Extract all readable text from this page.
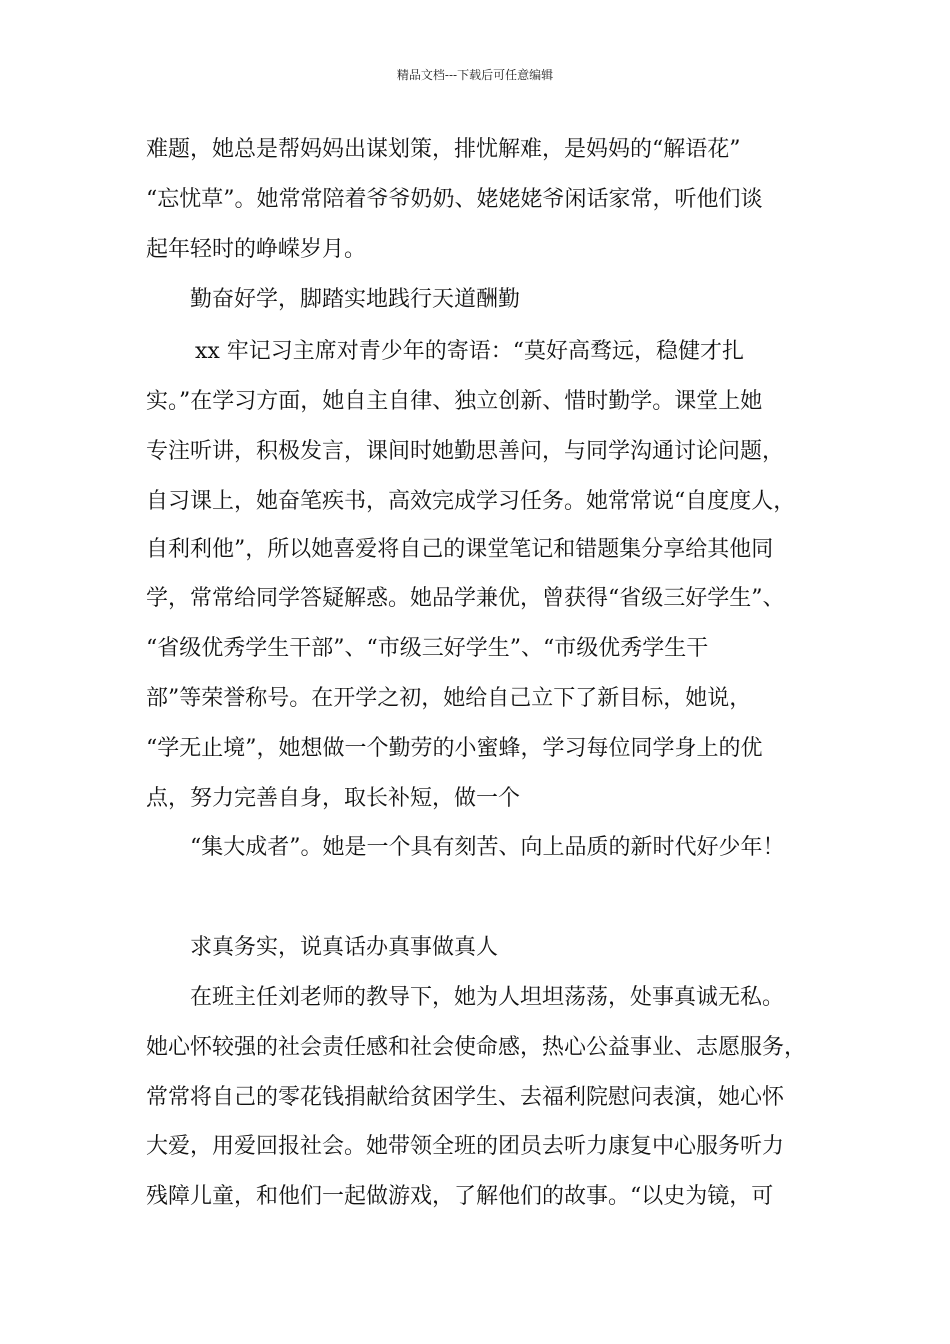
精品文档---下载后可任意编辑
难题，她总是帮妈妈出谋划策，排忧解难，是妈妈的“解语花”
“忘忧草”。她常常陪着爷爷奶奶、姥姥姥爷闲话家常，听他们谈
起年轻时的峥嵘岁月。
勤奋好学，脚踏实地践行天道酬勤
xx 牢记习主席对青少年的寄语：“莫好高骛远，稳健才扎
实。”在学习方面，她自主自律、独立创新、惜时勤学。课堂上她
专注听讲，积极发言，课间时她勤思善问，与同学沟通讨论问题，
自习课上，她奋笔疾书，高效完成学习任务。她常常说“自度度人，
自利利他”，所以她喜爱将自己的课堂笔记和错题集分享给其他同
学，常常给同学答疑解惑。她品学兼优，曾获得“省级三好学生”、
“省级优秀学生干部”、“市级三好学生”、“市级优秀学生干
部”等荣誉称号。在开学之初，她给自己立下了新目标，她说，
“学无止境”，她想做一个勤劳的小蜜蜂，学习每位同学身上的优
点，努力完善自身，取长补短，做一个
“集大成者”。她是一个具有刻苦、向上品质的新时代好少年！
求真务实，说真话办真事做真人
在班主任刘老师的教导下，她为人坦坦荡荡，处事真诚无私。
她心怀较强的社会责任感和社会使命感，热心公益事业、志愿服务，
常常将自己的零花钱捐献给贫困学生、去福利院慰问表演，她心怀
大爱，用爱回报社会。她带领全班的团员去听力康复中心服务听力
残障儿童，和他们一起做游戏，了解他们的故事。“以史为镜，可
